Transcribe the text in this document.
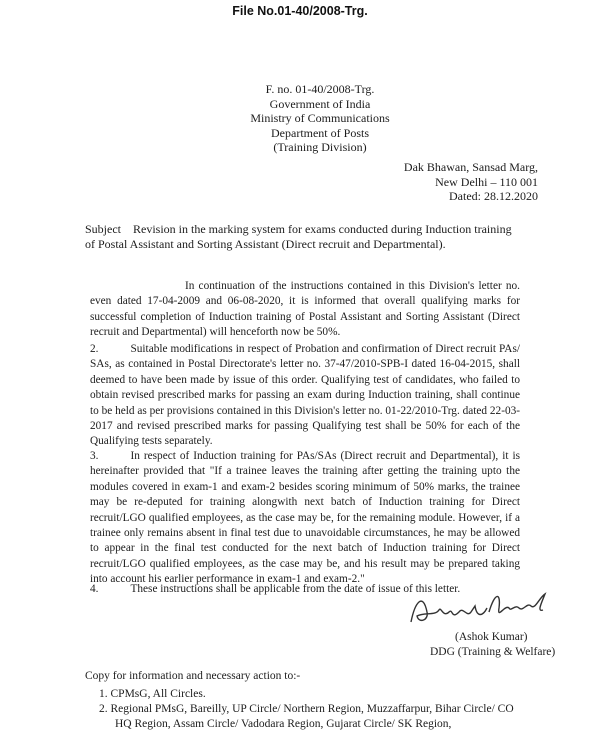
File No.01-40/2008-Trg.
F. no. 01-40/2008-Trg.
Government of India
Ministry of Communications
Department of Posts
(Training Division)
Dak Bhawan, Sansad Marg,
New Delhi – 110 001
Dated: 28.12.2020
Subject Revision in the marking system for exams conducted during Induction training of Postal Assistant and Sorting Assistant (Direct recruit and Departmental).

In continuation of the instructions contained in this Division's letter no. even dated 17-04-2009 and 06-08-2020, it is informed that overall qualifying marks for successful completion of Induction training of Postal Assistant and Sorting Assistant (Direct recruit and Departmental) will henceforth now be 50%.

2.	Suitable modifications in respect of Probation and confirmation of Direct recruit PAs/ SAs, as contained in Postal Directorate's letter no. 37-47/2010-SPB-I dated 16-04-2015, shall deemed to have been made by issue of this order. Qualifying test of candidates, who failed to obtain revised prescribed marks for passing an exam during Induction training, shall continue to be held as per provisions contained in this Division's letter no. 01-22/2010-Trg. dated 22-03-2017 and revised prescribed marks for passing Qualifying test shall be 50% for each of the Qualifying tests separately.

3.	In respect of Induction training for PAs/SAs (Direct recruit and Departmental), it is hereinafter provided that "If a trainee leaves the training after getting the training upto the modules covered in exam-1 and exam-2 besides scoring minimum of 50% marks, the trainee may be re-deputed for training alongwith next batch of Induction training for Direct recruit/LGO qualified employees, as the case may be, for the remaining module. However, if a trainee only remains absent in final test due to unavoidable circumstances, he may be allowed to appear in the final test conducted for the next batch of Induction training for Direct recruit/LGO qualified employees, as the case may be, and his result may be prepared taking into account his earlier performance in exam-1 and exam-2."

4.	These instructions shall be applicable from the date of issue of this letter.

(Ashok Kumar)
DDG (Training & Welfare)
Copy for information and necessary action to:-
1. CPMsG, All Circles.
2. Regional PMsG, Bareilly, UP Circle/ Northern Region, Muzzaffarpur, Bihar Circle/ CO HQ Region, Assam Circle/ Vadodara Region, Gujarat Circle/ SK Region,
